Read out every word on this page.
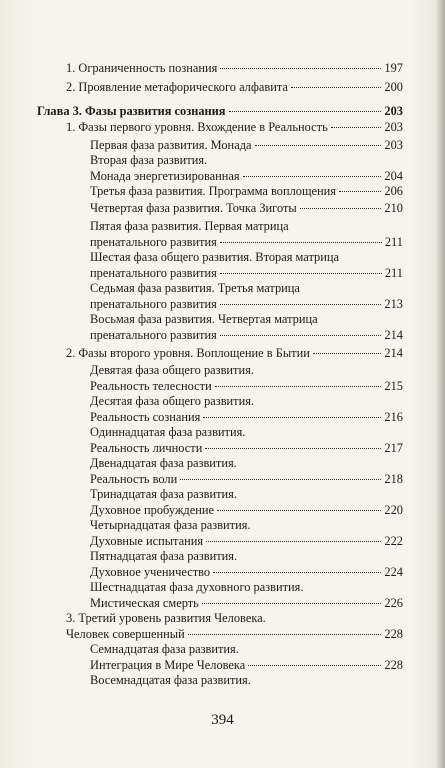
1. Ограниченность познания	197
2. Проявление метафорического алфавита	200
Глава 3. Фазы развития сознания	203
1. Фазы первого уровня. Вхождение в Реальность	203
Первая фаза развития. Монада	203
Вторая фаза развития.
Монада энергетизированная	204
Третья фаза развития. Программа воплощения	206
Четвертая фаза развития. Точка Зиготы	210
Пятая фаза развития. Первая матрица
пренатального развития	211
Шестая фаза общего развития. Вторая матрица
пренатального развития	211
Седьмая фаза развития. Третья матрица
пренатального развития	213
Восьмая фаза развития. Четвертая матрица
пренатального развития	214
2. Фазы второго уровня. Воплощение в Бытии	214
Девятая фаза общего развития.
Реальность телесности	215
Десятая фаза общего развития.
Реальность сознания	216
Одиннадцатая фаза развития.
Реальность личности	217
Двенадцатая фаза развития.
Реальность воли	218
Тринадцатая фаза развития.
Духовное пробуждение	220
Четырнадцатая фаза развития.
Духовные испытания	222
Пятнадцатая фаза развития.
Духовное ученичество	224
Шестнадцатая фаза духовного развития.
Мистическая смерть	226
3. Третий уровень развития Человека.
Человек совершенный	228
Семнадцатая фаза развития.
Интеграция в Мире Человека	228
Восемнадцатая фаза развития.
394
